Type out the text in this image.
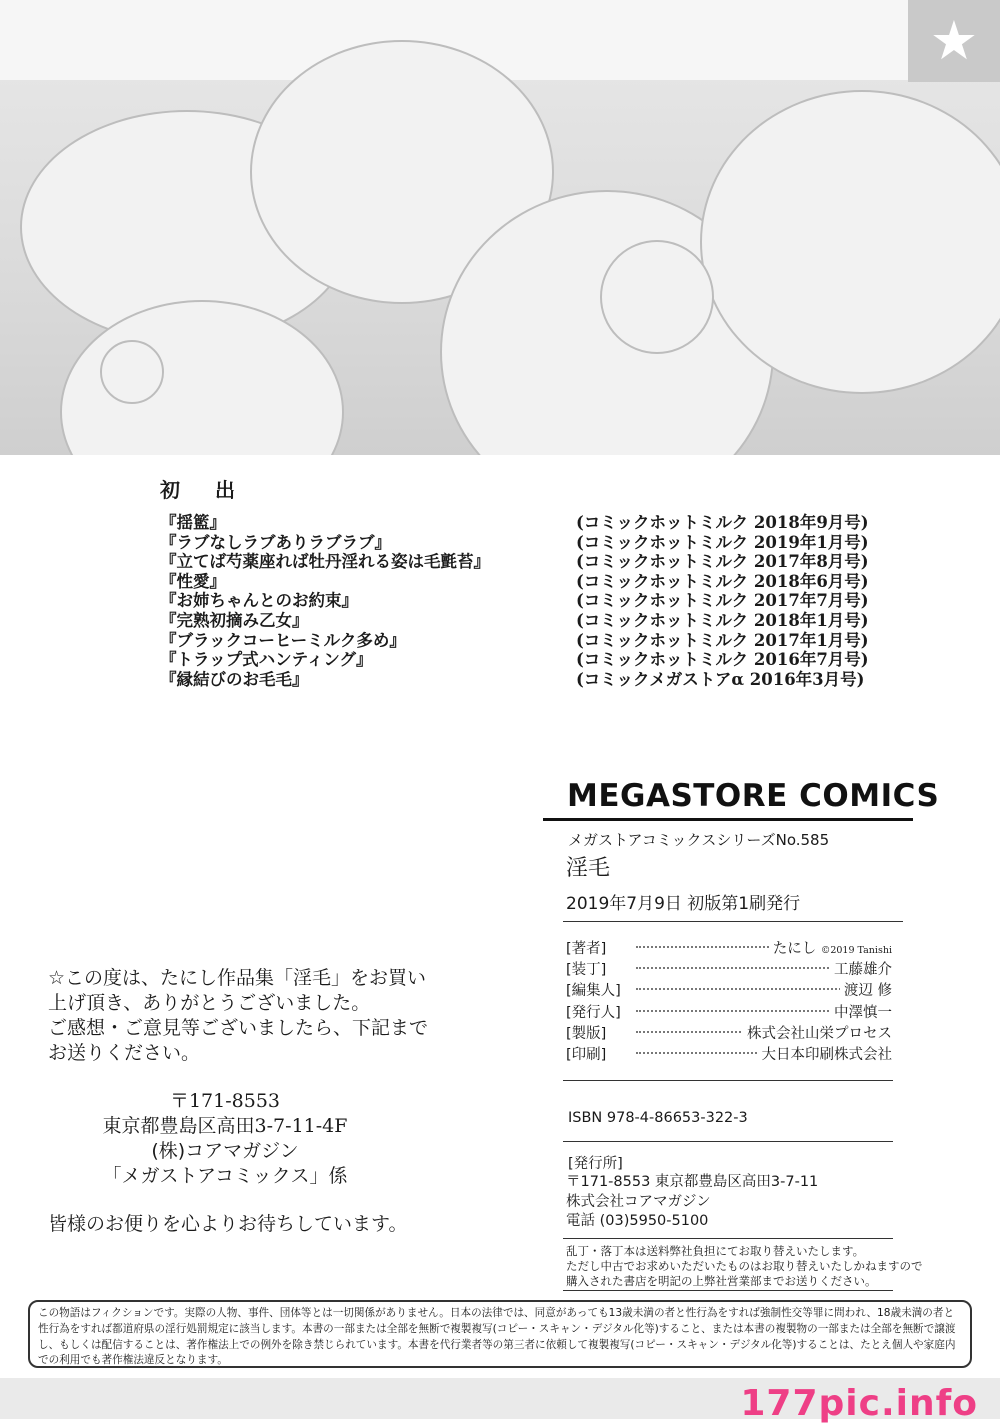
★
初 出
『揺籃』	(コミックホットミルク 2018年9月号)
『ラブなしラブありラブラブ』	(コミックホットミルク 2019年1月号)
『立てば芍薬座れば牡丹淫れる姿は毛氈苔』	(コミックホットミルク 2017年8月号)
『性愛』	(コミックホットミルク 2018年6月号)
『お姉ちゃんとのお約束』	(コミックホットミルク 2017年7月号)
『完熟初摘み乙女』	(コミックホットミルク 2018年1月号)
『ブラックコーヒーミルク多め』	(コミックホットミルク 2017年1月号)
『トラップ式ハンティング』	(コミックホットミルク 2016年7月号)
『縁結びのお毛毛』	(コミックメガストアα 2016年3月号)
MEGASTORE COMICS
メガストアコミックスシリーズNo.585
淫毛
2019年7月9日 初版第1刷発行
[著者]	たにし ©2019 Tanishi
[装丁]	工藤雄介
[編集人]	渡辺 修
[発行人]	中澤慎一
[製版]	株式会社山栄プロセス
[印刷]	大日本印刷株式会社
ISBN 978-4-86653-322-3
[発行所]
〒171-8553 東京都豊島区高田3-7-11
株式会社コアマガジン
電話 (03)5950-5100
乱丁・落丁本は送料弊社負担にてお取り替えいたします。
ただし中古でお求めいただいたものはお取り替えいたしかねますので
購入された書店を明記の上弊社営業部までお送りください。
☆この度は、たにし作品集「淫毛」をお買い
上げ頂き、ありがとうございました。
ご感想・ご意見等ございましたら、下記まで
お送りください。
〒171-8553
東京都豊島区高田3-7-11-4F
(株)コアマガジン
「メガストアコミックス」係
皆様のお便りを心よりお待ちしています。
この物語はフィクションです。実際の人物、事件、団体等とは一切関係がありません。日本の法律では、同意があっても13歳未満の者と性行為をすれば強制性交等罪に問われ、18歳未満の者と性行為をすれば都道府県の淫行処罰規定に該当します。本書の一部または全部を無断で複製複写(コピー・スキャン・デジタル化等)すること、または本書の複製物の一部または全部を無断で譲渡し、もしくは配信することは、著作権法上での例外を除き禁じられています。本書を代行業者等の第三者に依頼して複製複写(コピー・スキャン・デジタル化等)することは、たとえ個人や家庭内での利用でも著作権法違反となります。
177pic.info
